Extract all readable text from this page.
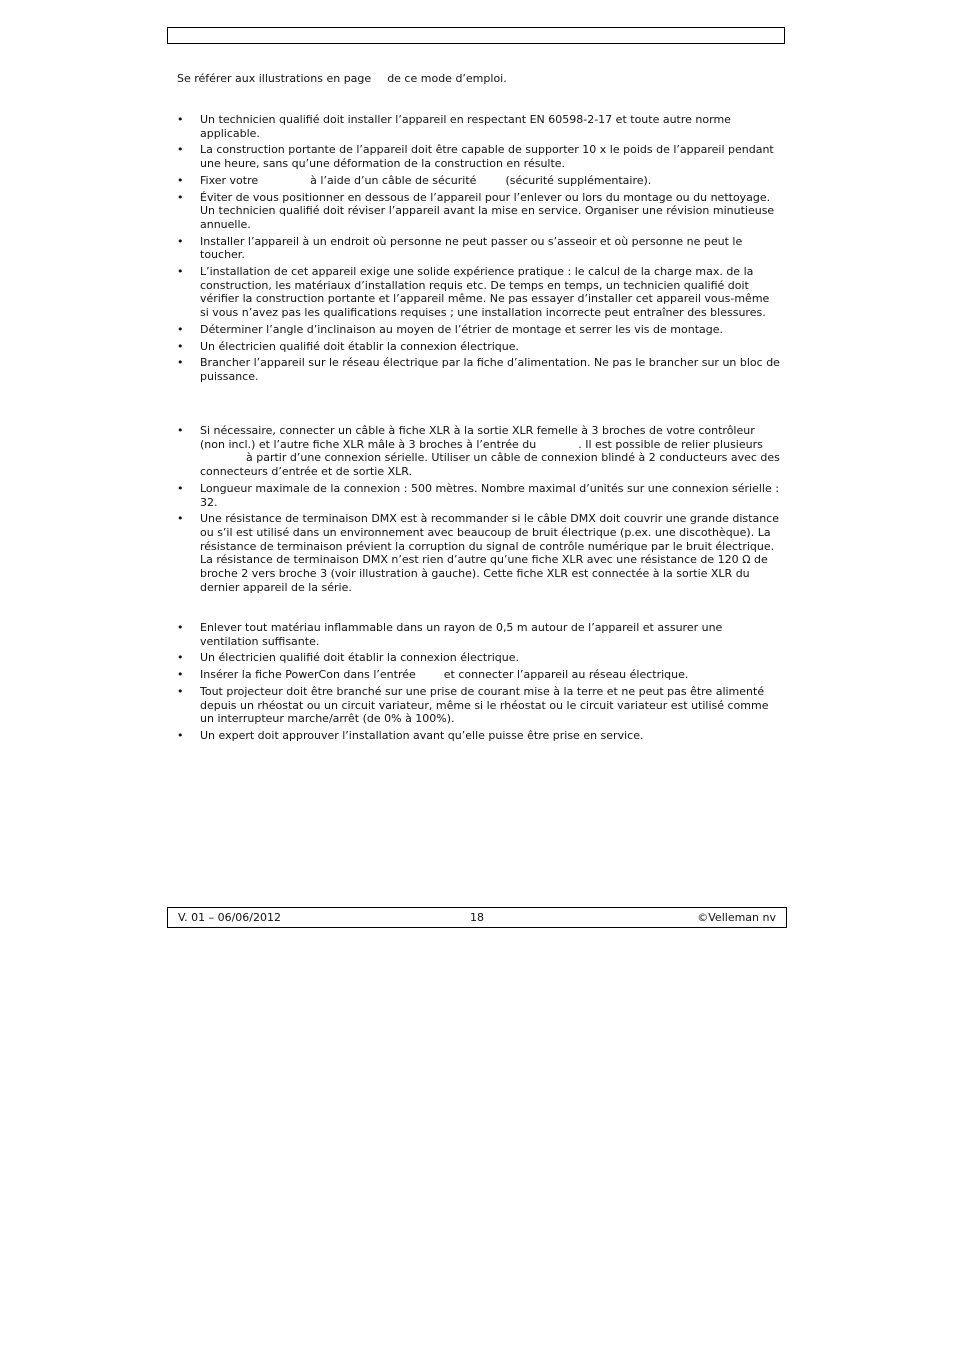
Se référer aux illustrations en page de ce mode d’emploi.
• Un technicien qualifié doit installer l’appareil en respectant EN 60598-2-17 et toute autre norme applicable.
• La construction portante de l’appareil doit être capable de supporter 10 x le poids de l’appareil pendant une heure, sans qu’une déformation de la construction en résulte.
• Fixer votre	à l’aide d’un câble de sécurité	(sécurité supplémentaire).
• Éviter de vous positionner en dessous de l’appareil pour l’enlever ou lors du montage ou du nettoyage. Un technicien qualifié doit réviser l’appareil avant la mise en service. Organiser une révision minutieuse annuelle.
• Installer l’appareil à un endroit où personne ne peut passer ou s’asseoir et où personne ne peut le toucher.
• L’installation de cet appareil exige une solide expérience pratique : le calcul de la charge max. de la construction, les matériaux d’installation requis etc. De temps en temps, un technicien qualifié doit vérifier la construction portante et l’appareil même. Ne pas essayer d’installer cet appareil vous-même si vous n’avez pas les qualifications requises ; une installation incorrecte peut entraîner des blessures.
• Déterminer l’angle d’inclinaison au moyen de l’étrier de montage et serrer les vis de montage.
• Un électricien qualifié doit établir la connexion électrique.
• Brancher l’appareil sur le réseau électrique par la fiche d’alimentation. Ne pas le brancher sur un bloc de puissance.
• Si nécessaire, connecter un câble à fiche XLR à la sortie XLR femelle à 3 broches de votre contrôleur (non incl.) et l’autre fiche XLR mâle à 3 broches à l’entrée du	. Il est possible de relier plusieursà partir d’une connexion sérielle. Utiliser un câble de connexion blindé à 2 conducteurs avec des connecteurs d’entrée et de sortie XLR.
• Longueur maximale de la connexion : 500 mètres. Nombre maximal d’unités sur une connexion sérielle : 32.
• Une résistance de terminaison DMX est à recommander si le câble DMX doit couvrir une grande distance ou s’il est utilisé dans un environnement avec beaucoup de bruit électrique (p.ex. une discothèque). La résistance de terminaison prévient la corruption du signal de contrôle numérique par le bruit électrique. La résistance de terminaison DMX n’est rien d’autre qu’une fiche XLR avec une résistance de 120 Ω de broche 2 vers broche 3 (voir illustration à gauche). Cette fiche XLR est connectée à la sortie XLR du dernier appareil de la série.
• Enlever tout matériau inflammable dans un rayon de 0,5 m autour de l’appareil et assurer une ventilation suffisante.
• Un électricien qualifié doit établir la connexion électrique.
• Insérer la fiche PowerCon dans l’entrée	et connecter l’appareil au réseau électrique.
• Tout projecteur doit être branché sur une prise de courant mise à la terre et ne peut pas être alimenté depuis un rhéostat ou un circuit variateur, même si le rhéostat ou le circuit variateur est utilisé comme un interrupteur marche/arrêt (de 0% à 100%).
• Un expert doit approuver l’installation avant qu’elle puisse être prise en service.
V. 01 – 06/06/2012	18	©Velleman nv
